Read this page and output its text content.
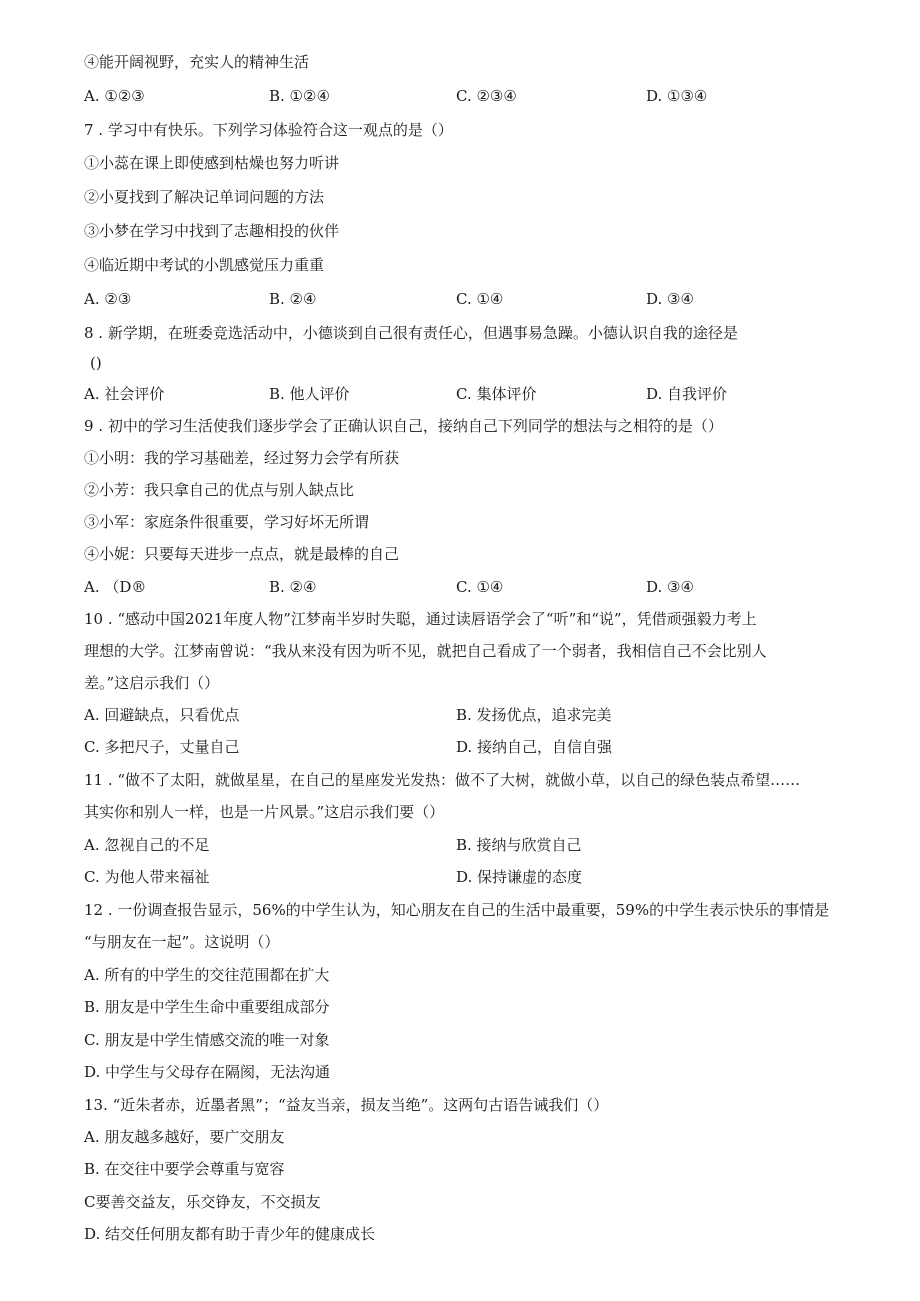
④能开阔视野，充实人的精神生活
A. ①②③	B. ①②④	C. ②③④	D. ①③④
7 . 学习中有快乐。下列学习体验符合这一观点的是（）
①小蕊在课上即使感到枯燥也努力听讲
②小夏找到了解决记单词问题的方法
③小梦在学习中找到了志趣相投的伙伴
④临近期中考试的小凯感觉压力重重
A. ②③	B. ②④	C. ①④	D. ③④
8 . 新学期，在班委竞选活动中，小德谈到自己很有责任心，但遇事易急躁。小德认识自我的途径是
()
A. 社会评价	B. 他人评价	C. 集体评价	D. 自我评价
9 . 初中的学习生活使我们逐步学会了正确认识自己，接纳自己下列同学的想法与之相符的是（）
①小明：我的学习基础差，经过努力会学有所获
②小芳：我只拿自己的优点与别人缺点比
③小军：家庭条件很重要，学习好坏无所谓
④小妮：只要每天进步一点点，就是最棒的自己
A. （D®	B. ②④	C. ①④	D. ③④
10 . “感动中国2021年度人物”江梦南半岁时失聪，通过读唇语学会了“听”和“说”，凭借顽强毅力考上
理想的大学。江梦南曾说：“我从来没有因为听不见，就把自己看成了一个弱者，我相信自己不会比别人
差。”这启示我们（）
A. 回避缺点，只看优点	B. 发扬优点，追求完美
C. 多把尺子，丈量自己	D. 接纳自己，自信自强
11 . “做不了太阳，就做星星，在自己的星座发光发热：做不了大树，就做小草，以自己的绿色装点希望……
其实你和别人一样，也是一片风景。”这启示我们要（）
A. 忽视自己的不足	B. 接纳与欣赏自己
C. 为他人带来福祉	D. 保持谦虚的态度
12 . 一份调查报告显示，56%的中学生认为，知心朋友在自己的生活中最重要，59%的中学生表示快乐的事情是
“与朋友在一起”。这说明（）
A. 所有的中学生的交往范围都在扩大
B. 朋友是中学生生命中重要组成部分
C. 朋友是中学生情感交流的唯一对象
D. 中学生与父母存在隔阂，无法沟通
13. “近朱者赤，近墨者黑”；“益友当亲，损友当绝”。这两句古语告诫我们（）
A. 朋友越多越好，要广交朋友
B. 在交往中要学会尊重与宽容
C要善交益友，乐交铮友，不交损友
D. 结交任何朋友都有助于青少年的健康成长
